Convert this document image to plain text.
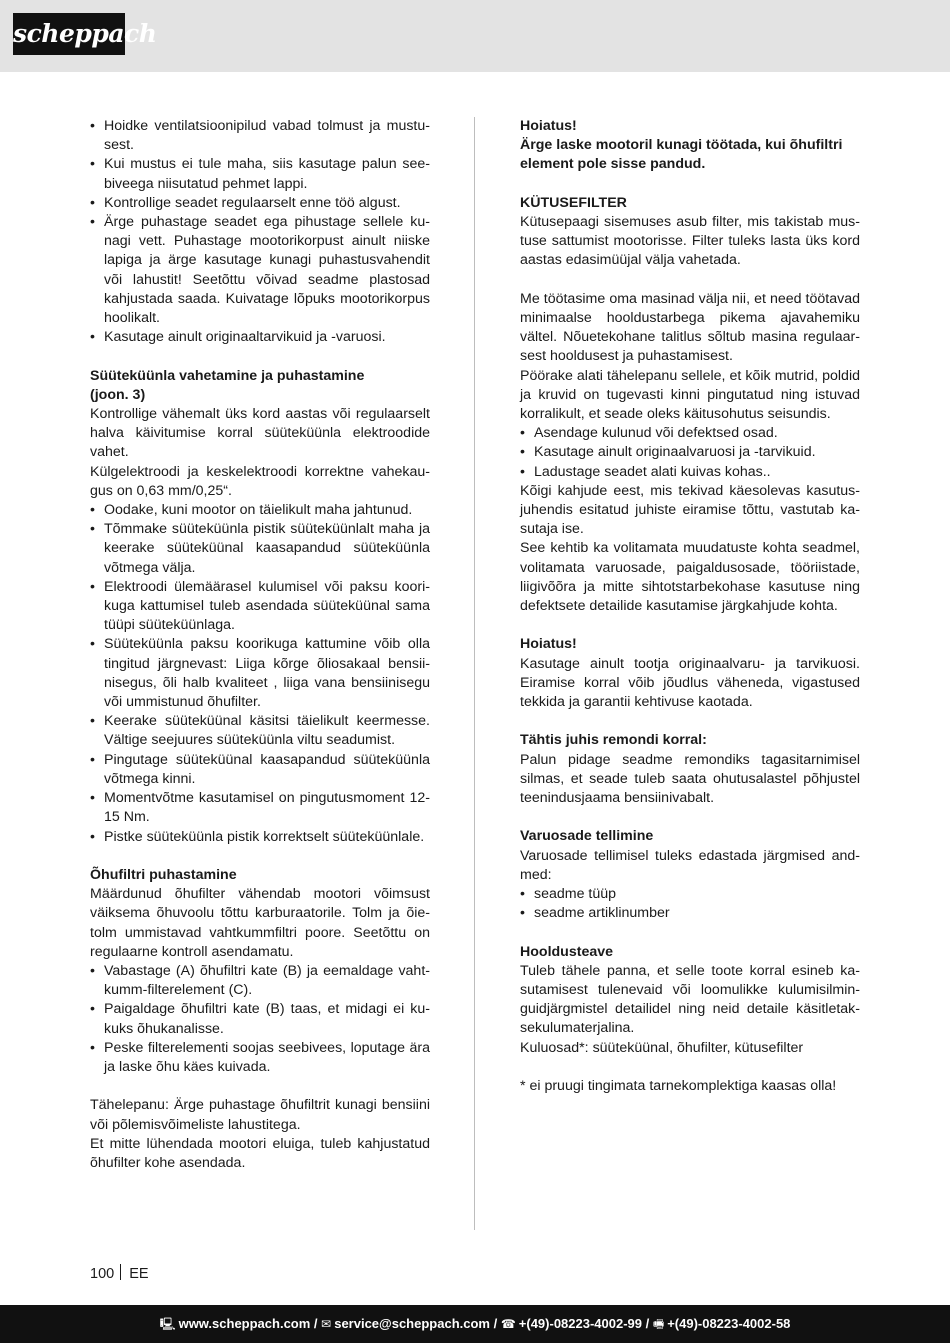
scheppach

• Hoidke ventilatsioonipilud vabad tolmust ja mustusest.

• Kui mustus ei tule maha, siis kasutage palun seebiveega niisutatud pehmet lappi.

• Kontrollige seadet regulaarselt enne töö algust.

• Ärge puhastage seadet ega pihustage sellele kunagi vett. Puhastage mootorikorpust ainult niiske lapiga ja ärge kasutage kunagi puhastusvahendit või lahustit! Seetõttu võivad seadme plastosad kahjustada saada. Kuivatage lõpuks mootorikorpus hoolikalt.

• Kasutage ainult originaaltarvikuid ja -varuosi.

Süüteküünla vahetamine ja puhastamine

(joon. 3)

Kontrollige vähemalt üks kord aastas või regulaarselt halva käivitumise korral süüteküünla elektroodide vahet.

Külgelektroodi ja keskelektroodi korrektne vahekaugus on 0,63 mm/0,25“.

• Oodake, kuni mootor on täielikult maha jahtunud.

• Tõmmake süüteküünla pistik süüteküünlalt maha ja keerake süüteküünal kaasapandud süüteküünla võtmega välja.

• Elektroodi ülemäärasel kulumisel või paksu koorikuga kattumisel tuleb asendada süüteküünal sama tüüpi süüteküünlaga.

• Süüteküünla paksu koorikuga kattumine võib olla tingitud järgnevast: Liiga kõrge õliosakaal bensiinisegus, õli halb kvaliteet , liiga vana bensiinisegu või ummistunud õhufilter.

• Keerake süüteküünal käsitsi täielikult keermesse. Vältige seejuures süüteküünla viltu seadumist.

• Pingutage süüteküünal kaasapandud süüteküünla võtmega kinni.

• Momentvõtme kasutamisel on pingutusmoment 12-15 Nm.

• Pistke süüteküünla pistik korrektselt süüteküünlale.

Õhufiltri puhastamine

Määrdunud õhufilter vähendab mootori võimsust väiksema õhuvoolu tõttu karburaatorile. Tolm ja õietolm ummistavad vahtkummfiltri poore. Seetõttu on regulaarne kontroll asendamatu.

• Vabastage (A) õhufiltri kate (B) ja eemaldage vahtkumm-filterelement (C).

• Paigaldage õhufiltri kate (B) taas, et midagi ei kukuks õhukanalisse.

• Peske filterelementi soojas seebivees, loputage ära ja laske õhu käes kuivada.

Tähelepanu: Ärge puhastage õhufiltrit kunagi bensiini või põlemisvõimeliste lahustitega.

Et mitte lühendada mootori eluiga, tuleb kahjustatud õhufilter kohe asendada.

Hoiatus!

Ärge laske mootoril kunagi töötada, kui õhufiltri element pole sisse pandud.

KÜTUSEFILTER

Kütusepaagi sisemuses asub filter, mis takistab mustuse sattumist mootorisse. Filter tuleks lasta üks kord aastas edasimüüjal välja vahetada.

Me töötasime oma masinad välja nii, et need töötavad minimaalse hooldustarbega pikema ajavahemiku vältel. Nõuetekohane talitlus sõltub masina regulaarsest hooldusest ja puhastamisest.

Pöörake alati tähelepanu sellele, et kõik mutrid, poldid ja kruvid on tugevasti kinni pingutatud ning istuvad korralikult, et seade oleks käitusohutus seisundis.

• Asendage kulunud või defektsed osad.

• Kasutage ainult originaalvaruosi ja -tarvikuid.

• Ladustage seadet alati kuivas kohas..

Kõigi kahjude eest, mis tekivad käesolevas kasutusjuhendis esitatud juhiste eiramise tõttu, vastutab kasutaja ise.

See kehtib ka volitamata muudatuste kohta seadmel, volitamata varuosade, paigaldusosade, tööriistade, liigivõõra ja mitte sihtotstarbekohase kasutuse ning defektsete detailide kasutamise järgkahjude kohta.

Hoiatus!

Kasutage ainult tootja originaalvaru- ja tarvikuosi. Eiramise korral võib jõudlus väheneda, vigastused tekkida ja garantii kehtivuse kaotada.

Tähtis juhis remondi korral:

Palun pidage seadme remondiks tagasitarnimisel silmas, et seade tuleb saata ohutusalastel põhjustel teenindusjaama bensiinivabalt.

Varuosade tellimine

Varuosade tellimisel tuleks edastada järgmised andmed:

• seadme tüüp

• seadme artiklinumber

Hooldusteave

Tuleb tähele panna, et selle toote korral esineb kasutamisest tulenevaid või loomulikke kulumisilminguidjärgmistel detailidel ning neid detaile käsitletaksekulumaterjalina.

Kuluosad*: süüteküünal, õhufilter, kütusefilter

* ei pruugi tingimata tarnekomplektiga kaasas olla!

100 EE
🖳 www.scheppach.com / ✉ service@scheppach.com / ☎ +(49)-08223-4002-99 / 🖷 +(49)-08223-4002-58
